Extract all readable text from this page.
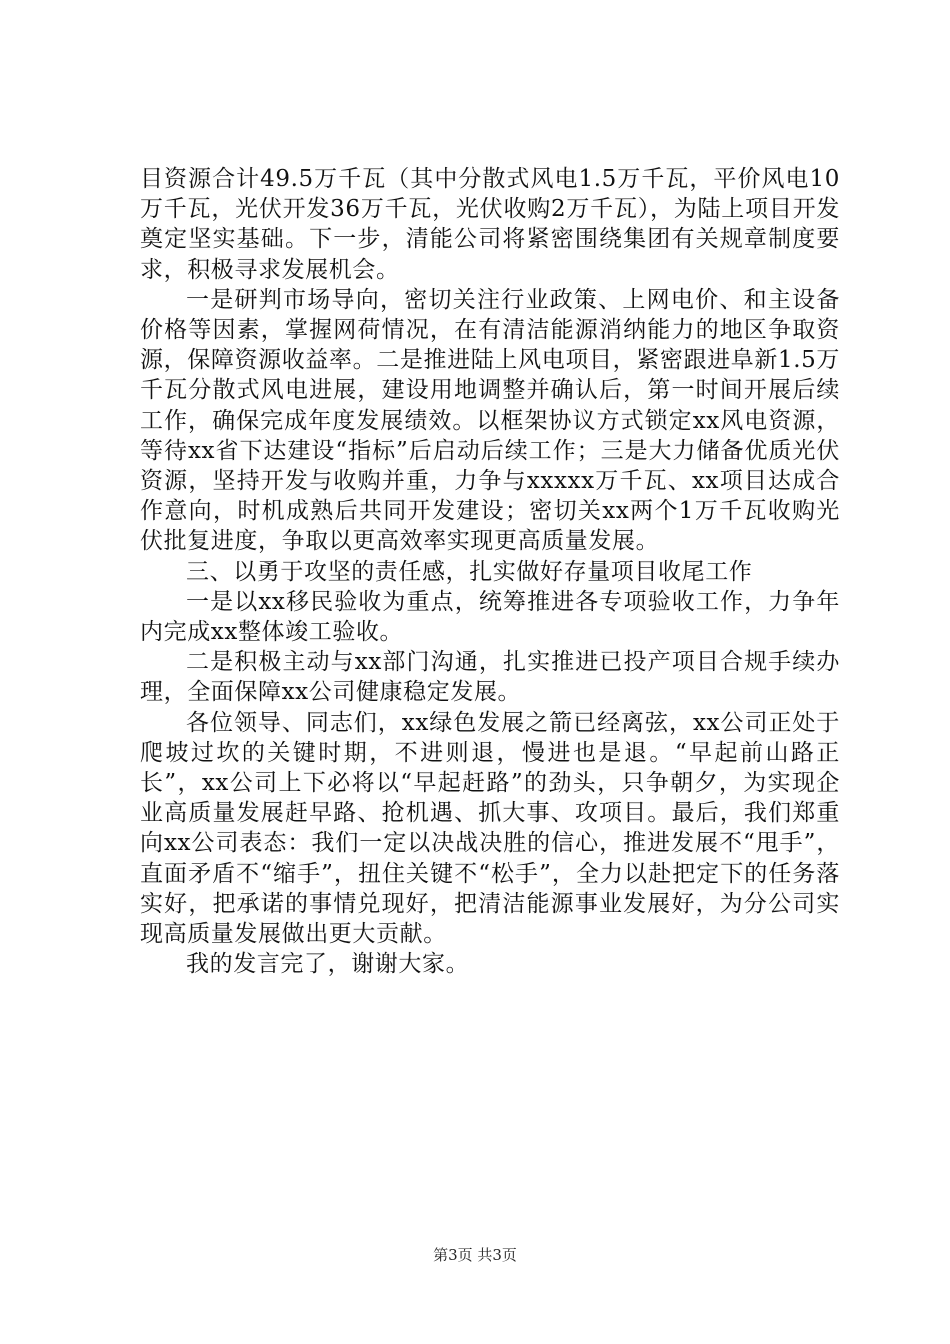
目资源合计49.5万千瓦（其中分散式风电1.5万千瓦，平价风电10万千瓦，光伏开发36万千瓦，光伏收购2万千瓦），为陆上项目开发奠定坚实基础。下一步，清能公司将紧密围绕集团有关规章制度要求，积极寻求发展机会。

一是研判市场导向，密切关注行业政策、上网电价、和主设备价格等因素，掌握网荷情况，在有清洁能源消纳能力的地区争取资源，保障资源收益率。二是推进陆上风电项目，紧密跟进阜新1.5万千瓦分散式风电进展，建设用地调整并确认后，第一时间开展后续工作，确保完成年度发展绩效。以框架协议方式锁定xx风电资源，等待xx省下达建设“指标”后启动后续工作；三是大力储备优质光伏资源，坚持开发与收购并重，力争与xxxxx万千瓦、xx项目达成合作意向，时机成熟后共同开发建设；密切关xx两个1万千瓦收购光伏批复进度，争取以更高效率实现更高质量发展。

三、以勇于攻坚的责任感，扎实做好存量项目收尾工作

一是以xx移民验收为重点，统筹推进各专项验收工作，力争年内完成xx整体竣工验收。

二是积极主动与xx部门沟通，扎实推进已投产项目合规手续办理，全面保障xx公司健康稳定发展。

各位领导、同志们，xx绿色发展之箭已经离弦，xx公司正处于爬坡过坎的关键时期，不进则退，慢进也是退。“早起前山路正长”，xx公司上下必将以“早起赶路”的劲头，只争朝夕，为实现企业高质量发展赶早路、抢机遇、抓大事、攻项目。最后，我们郑重向xx公司表态：我们一定以决战决胜的信心，推进发展不“甩手”，直面矛盾不“缩手”，扭住关键不“松手”，全力以赴把定下的任务落实好，把承诺的事情兑现好，把清洁能源事业发展好，为分公司实现高质量发展做出更大贡献。

我的发言完了，谢谢大家。

第3页 共3页
